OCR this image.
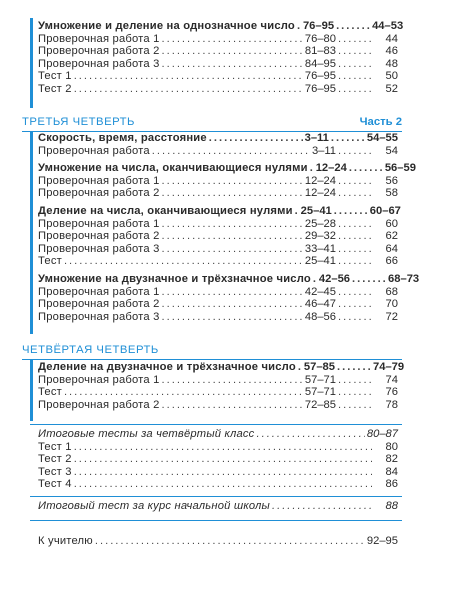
Умножение и деление на однозначное число ..... 76–95 .....	44–53
Проверочная работа 1 .....	76–80 .....	44
Проверочная работа 2 .....	81–83 .....	46
Проверочная работа 3 .....	84–95 .....	48
Тест 1 .....	76–95 .....	50
Тест 2 .....	76–95 .....	52
ТРЕТЬЯ ЧЕТВЕРТЬ	Часть 2
Скорость, время, расстояние .....	3–11 .....	54–55
Проверочная работа .....	3–11 .....	54
Умножение на числа, оканчивающиеся нулями ..... 12–24 .....	56–59
Проверочная работа 1 .....	12–24 .....	56
Проверочная работа 2 .....	12–24 .....	58
Деление на числа, оканчивающиеся нулями ..... 25–41 .....	60–67
Проверочная работа 1 .....	25–28 .....	60
Проверочная работа 2 .....	29–32 .....	62
Проверочная работа 3 .....	33–41 .....	64
Тест .....	25–41 .....	66
Умножение на двузначное и трёхзначное число ..... 42–56 .....	68–73
Проверочная работа 1 .....	42–45 .....	68
Проверочная работа 2 .....	46–47 .....	70
Проверочная работа 3 .....	48–56 .....	72
ЧЕТВЁРТАЯ ЧЕТВЕРТЬ
Деление на двузначное и трёхзначное число ..... 57–85 .....	74–79
Проверочная работа 1 .....	57–71 .....	74
Тест .....	57–71 .....	76
Проверочная работа 2 .....	72–85 .....	78
Итоговые тесты за четвёртый класс .....	80–87
Тест 1 .....	80
Тест 2 .....	82
Тест 3 .....	84
Тест 4 .....	86
Итоговый тест за курс начальной школы .....	88
К учителю .....	92–95
